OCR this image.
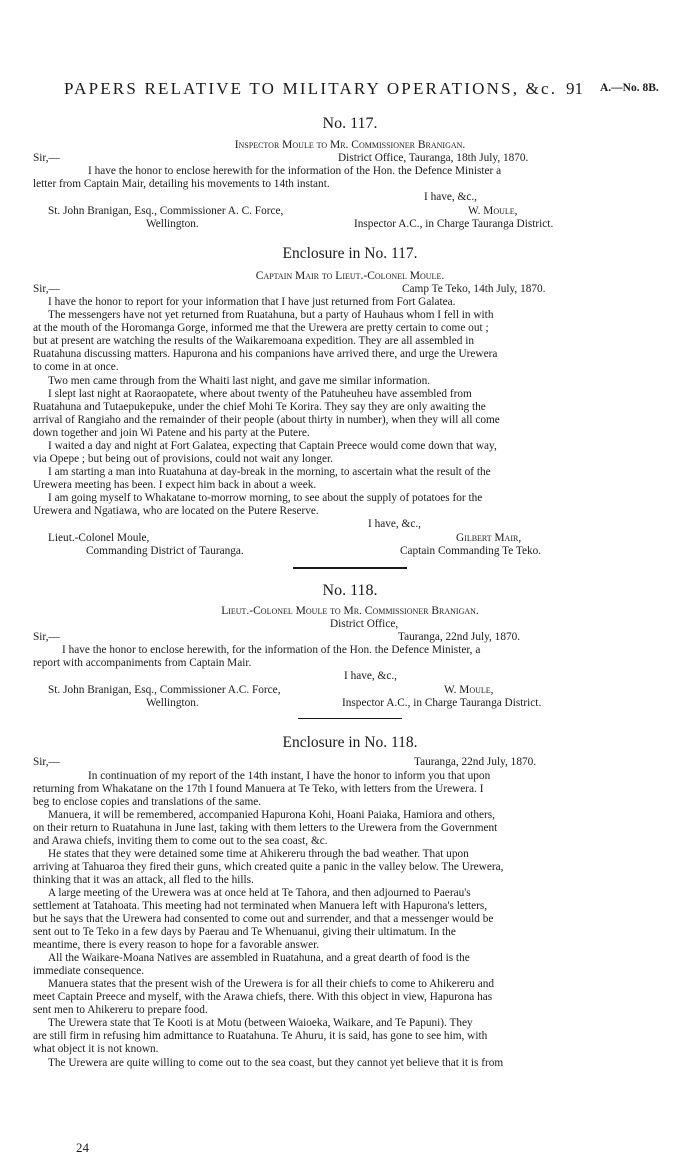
PAPERS RELATIVE TO MILITARY OPERATIONS, &c. 91 A.—No. 8B.
No. 117.
Inspector Moule to Mr. Commissioner Branigan.
Sir,—	District Office, Tauranga, 18th July, 1870.
I have the honor to enclose herewith for the information of the Hon. the Defence Minister a
letter from Captain Mair, detailing his movements to 14th instant.
I have, &c.,
St. John Branigan, Esq., Commissioner A. C. Force,
Wellington.
W. Moule,
Inspector A.C., in Charge Tauranga District.
Enclosure in No. 117.
Captain Mair to Lieut.-Colonel Moule.
Sir,—	Camp Te Teko, 14th July, 1870.
I have the honor to report for your information that I have just returned from Fort Galatea.
The messengers have not yet returned from Ruatahuna, but a party of Hauhaus whom I fell in with
at the mouth of the Horomanga Gorge, informed me that the Urewera are pretty certain to come out ;
but at present are watching the results of the Waikaremoana expedition. They are all assembled in
Ruatahuna discussing matters. Hapurona and his companions have arrived there, and urge the Urewera
to come in at once.
Two men came through from the Whaiti last night, and gave me similar information.
I slept last night at Raoraopatete, where about twenty of the Patuheuheu have assembled from
Ruatahuna and Tutaepukepuke, under the chief Mohi Te Korira. They say they are only awaiting the
arrival of Rangiaho and the remainder of their people (about thirty in number), when they will all come
down together and join Wi Patene and his party at the Putere.
I waited a day and night at Fort Galatea, expecting that Captain Preece would come down that way,
via Opepe ; but being out of provisions, could not wait any longer.
I am starting a man into Ruatahuna at day-break in the morning, to ascertain what the result of the
Urewera meeting has been. I expect him back in about a week.
I am going myself to Whakatane to-morrow morning, to see about the supply of potatoes for the
Urewera and Ngatiawa, who are located on the Putere Reserve.
I have, &c.,
Lieut.-Colonel Moule,
Commanding District of Tauranga.
Gilbert Mair,
Captain Commanding Te Teko.
No. 118.
Lieut.-Colonel Moule to Mr. Commissioner Branigan.
District Office,
Sir,—	Tauranga, 22nd July, 1870.
I have the honor to enclose herewith, for the information of the Hon. the Defence Minister, a
report with accompaniments from Captain Mair.
I have, &c.,
St. John Branigan, Esq., Commissioner A.C. Force,
Wellington.
W. Moule,
Inspector A.C., in Charge Tauranga District.
Enclosure in No. 118.
Sir,—	Tauranga, 22nd July, 1870.
In continuation of my report of the 14th instant, I have the honor to inform you that upon
returning from Whakatane on the 17th I found Manuera at Te Teko, with letters from the Urewera. I
beg to enclose copies and translations of the same.
Manuera, it will be remembered, accompanied Hapurona Kohi, Hoani Paiaka, Hamiora and others,
on their return to Ruatahuna in June last, taking with them letters to the Urewera from the Government
and Arawa chiefs, inviting them to come out to the sea coast, &c.
He states that they were detained some time at Ahikereru through the bad weather. That upon
arriving at Tahuaroa they fired their guns, which created quite a panic in the valley below. The Urewera,
thinking that it was an attack, all fled to the hills.
A large meeting of the Urewera was at once held at Te Tahora, and then adjourned to Paerau's
settlement at Tatahoata. This meeting had not terminated when Manuera left with Hapurona's letters,
but he says that the Urewera had consented to come out and surrender, and that a messenger would be
sent out to Te Teko in a few days by Paerau and Te Whenuanui, giving their ultimatum. In the
meantime, there is every reason to hope for a favorable answer.
All the Waikare-Moana Natives are assembled in Ruatahuna, and a great dearth of food is the
immediate consequence.
Manuera states that the present wish of the Urewera is for all their chiefs to come to Ahikereru and
meet Captain Preece and myself, with the Arawa chiefs, there. With this object in view, Hapurona has
sent men to Ahikereru to prepare food.
The Urewera state that Te Kooti is at Motu (between Waioeka, Waikare, and Te Papuni). They
are still firm in refusing him admittance to Ruatahuna. Te Ahuru, it is said, has gone to see him, with
what object it is not known.
The Urewera are quite willing to come out to the sea coast, but they cannot yet believe that it is from
24
